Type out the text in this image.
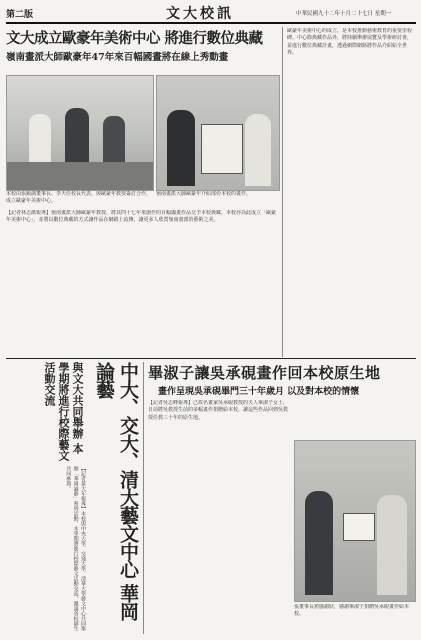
第二版	文大校訊	中華民國九十二年十月二十七日 星期一
文大成立歐豪年美術中心 將進行數位典藏
嶺南畫派大師歐豪年47年來百幅國畫將在線上秀動畫
本校由張鏡湖董事長、李天任校長代表，與歐豪年教授簽訂合作，成立歐豪年美術中心。
嶺南畫派大師歐豪年介紹部份本校的畫作。
【記者林志澔報導】嶺南畫派大師歐豪年教授，將其四十七年來創作的百幅國畫作品交予本校典藏，本校亦為此成立「歐豪年美術中心」，並將以數位典藏的方式讓作品在網路上流傳，讓更多人欣賞嶺南畫派的藝術之美。
歐豪年美術中心的成立，是本校推動藝術教育的重要里程碑。中心除典藏作品外，將陸續舉辦展覽及學術研討會，並進行數位典藏計畫，透過網際網路將作品介紹給全世界。
中大、交大、清大藝文中心 華岡論藝
與文大共同舉辦 本學期將進行校際藝文活動交流
【記者黃大年報導】本校與中央大學、交通大學、清華大學藝文中心共同舉辦「華岡論藝」系列活動，本學期將進行校際藝文活動交流，邀請各校師生共同參與。
畢淑子讓吳承硯畫作回本校原生地
畫作呈現吳承硯畢門三十年歲月 以及對本校的情懷
【記者吳志峰報導】已故名畫家吳承硯教授的夫人畢淑子女士，日前將吳教授生前的多幅畫作捐贈給本校，讓這些作品回到吳教授任教三十年的原生地。
張董事長頒感謝狀，感謝畢淑子捐贈吳承硯畫作給本校。
